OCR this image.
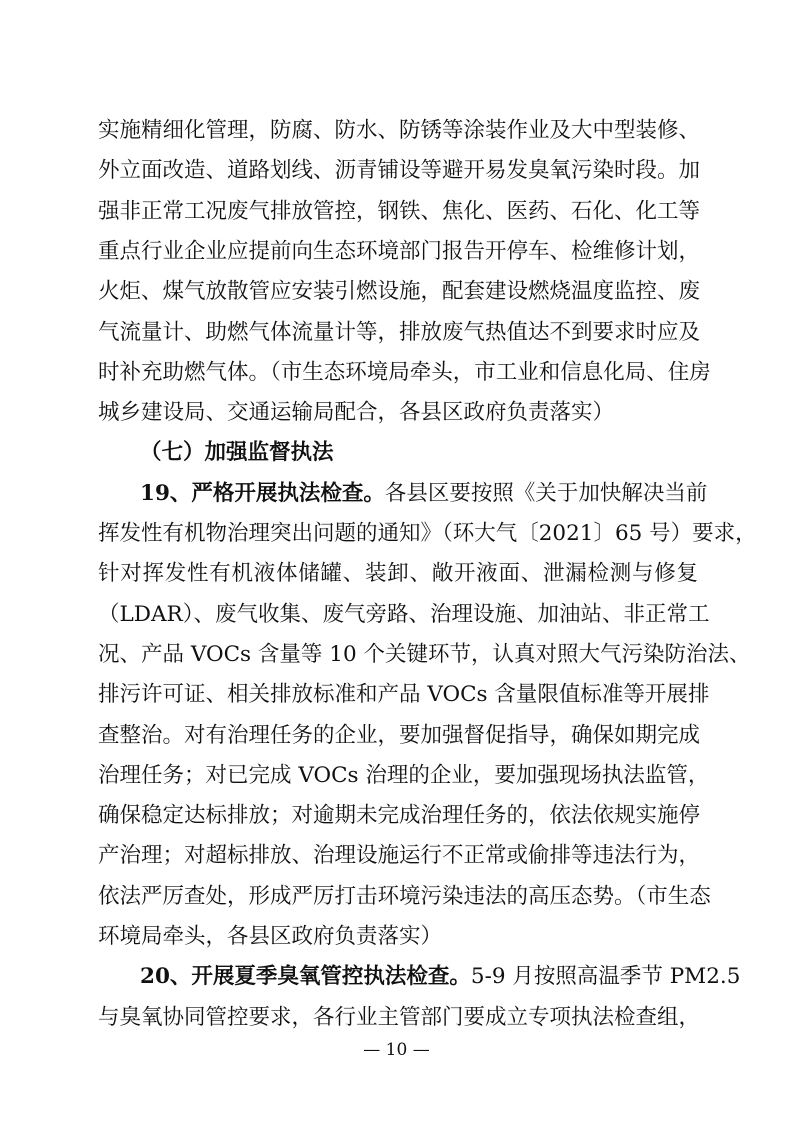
实施精细化管理，防腐、防水、防锈等涂装作业及大中型装修、
外立面改造、道路划线、沥青铺设等避开易发臭氧污染时段。加
强非正常工况废气排放管控，钢铁、焦化、医药、石化、化工等
重点行业企业应提前向生态环境部门报告开停车、检维修计划，
火炬、煤气放散管应安装引燃设施，配套建设燃烧温度监控、废
气流量计、助燃气体流量计等，排放废气热值达不到要求时应及
时补充助燃气体。（市生态环境局牵头，市工业和信息化局、住房
城乡建设局、交通运输局配合，各县区政府负责落实）
（七）加强监督执法
19、严格开展执法检查。各县区要按照《关于加快解决当前
挥发性有机物治理突出问题的通知》（环大气〔2021〕65 号）要求，
针对挥发性有机液体储罐、装卸、敞开液面、泄漏检测与修复
（LDAR）、废气收集、废气旁路、治理设施、加油站、非正常工
况、产品 VOCs 含量等 10 个关键环节，认真对照大气污染防治法、
排污许可证、相关排放标准和产品 VOCs 含量限值标准等开展排
查整治。对有治理任务的企业，要加强督促指导，确保如期完成
治理任务；对已完成 VOCs 治理的企业，要加强现场执法监管，
确保稳定达标排放；对逾期未完成治理任务的，依法依规实施停
产治理；对超标排放、治理设施运行不正常或偷排等违法行为，
依法严厉查处，形成严厉打击环境污染违法的高压态势。（市生态
环境局牵头，各县区政府负责落实）
20、开展夏季臭氧管控执法检查。5-9 月按照高温季节 PM2.5
与臭氧协同管控要求，各行业主管部门要成立专项执法检查组，
— 10 —
